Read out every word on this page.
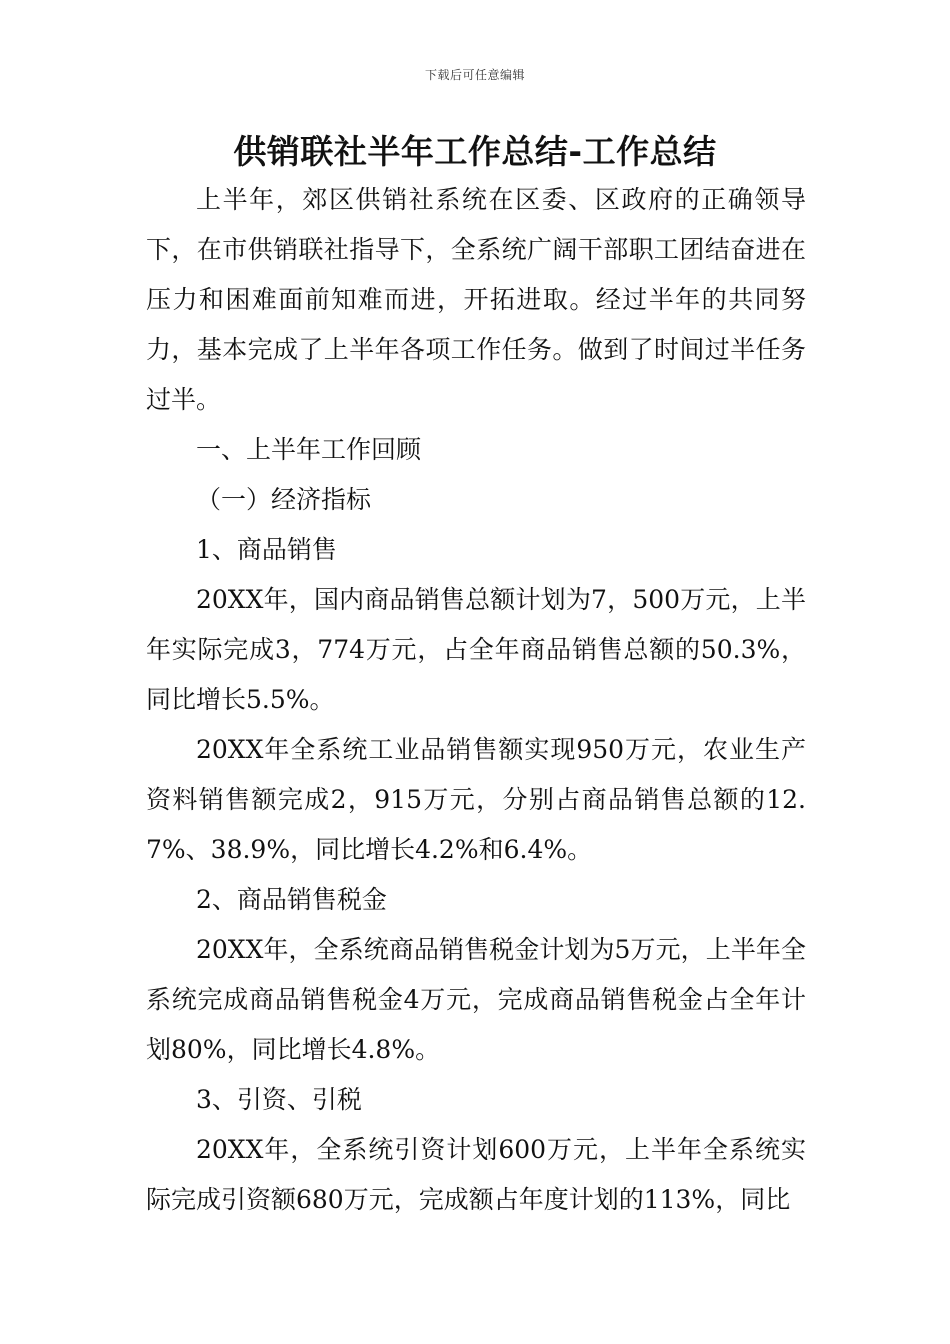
下载后可任意编辑
供销联社半年工作总结-工作总结

上半年，郊区供销社系统在区委、区政府的正确领导下，在市供销联社指导下，全系统广阔干部职工团结奋进在压力和困难面前知难而进，开拓进取。经过半年的共同努力，基本完成了上半年各项工作任务。做到了时间过半任务过半。

一、上半年工作回顾

（一）经济指标

1、商品销售

20XX年，国内商品销售总额计划为7，500万元，上半年实际完成3，774万元，占全年商品销售总额的50.3%，同比增长5.5%。

20XX年全系统工业品销售额实现950万元，农业生产资料销售额完成2，915万元，分别占商品销售总额的12.7%、38.9%，同比增长4.2%和6.4%。

2、商品销售税金

20XX年，全系统商品销售税金计划为5万元，上半年全系统完成商品销售税金4万元，完成商品销售税金占全年计划80%，同比增长4.8%。

3、引资、引税

20XX年，全系统引资计划600万元，上半年全系统实际完成引资额680万元，完成额占年度计划的113%，同比
